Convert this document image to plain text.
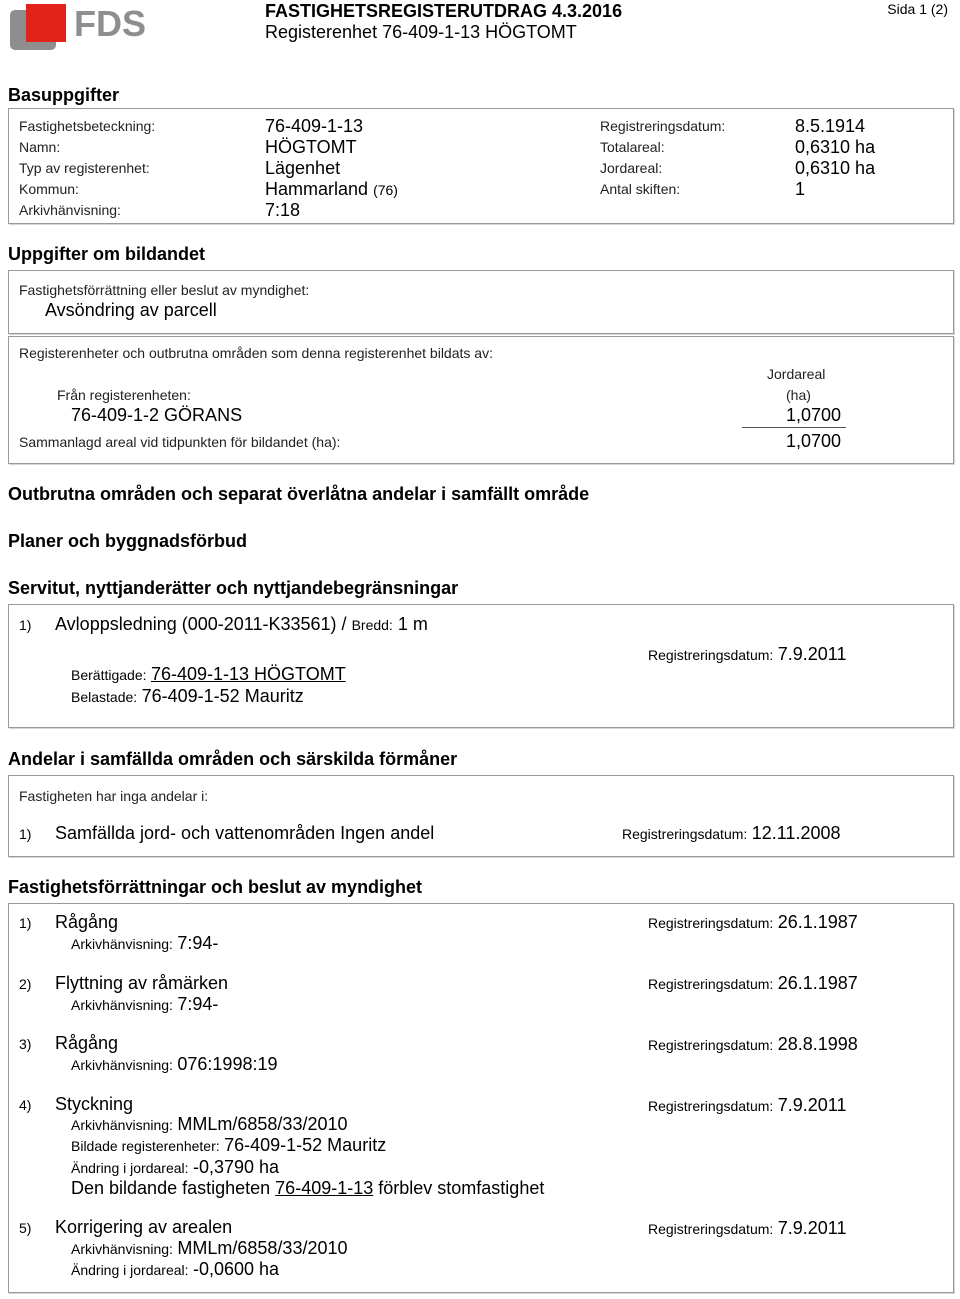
FDS	FASTIGHETSREGISTERUTDRAG 4.3.2016
Registerenhet 76-409-1-13 HÖGTOMT
Sida 1 (2)
Basuppgifter
Fastighetsbeteckning:	76-409-1-13
Namn:	HÖGTOMT
Typ av registerenhet:	Lägenhet
Kommun:	Hammarland (76)
Arkivhänvisning:	7:18
Registreringsdatum:	8.5.1914
Totalareal:	0,6310 ha
Jordareal:	0,6310 ha
Antal skiften:	1
Uppgifter om bildandet
Fastighetsförrättning eller beslut av myndighet:
Avsöndring av parcell
Registerenheter och outbrutna områden som denna registerenhet bildats av:
Jordareal
(ha)
Från registerenheten:
76-409-1-2 GÖRANS	1,0700
Sammanlagd areal vid tidpunkten för bildandet (ha):	1,0700
Outbrutna områden och separat överlåtna andelar i samfällt område
Planer och byggnadsförbud
Servitut, nyttjanderätter och nyttjandebegränsningar
1) Avloppsledning (000-2011-K33561) / Bredd: 1 m
Registreringsdatum: 7.9.2011
Berättigade: 76-409-1-13 HÖGTOMT
Belastade: 76-409-1-52 Mauritz
Andelar i samfällda områden och särskilda förmåner
Fastigheten har inga andelar i:
1) Samfällda jord- och vattenområden Ingen andel	Registreringsdatum: 12.11.2008
Fastighetsförrättningar och beslut av myndighet
1) Rågång	Registreringsdatum: 26.1.1987
Arkivhänvisning: 7:94-
2) Flyttning av råmärken	Registreringsdatum: 26.1.1987
Arkivhänvisning: 7:94-
3) Rågång	Registreringsdatum: 28.8.1998
Arkivhänvisning: 076:1998:19
4) Styckning	Registreringsdatum: 7.9.2011
Arkivhänvisning: MMLm/6858/33/2010
Bildade registerenheter: 76-409-1-52 Mauritz
Ändring i jordareal: -0,3790 ha
Den bildande fastigheten 76-409-1-13 förblev stomfastighet
5) Korrigering av arealen	Registreringsdatum: 7.9.2011
Arkivhänvisning: MMLm/6858/33/2010
Ändring i jordareal: -0,0600 ha
